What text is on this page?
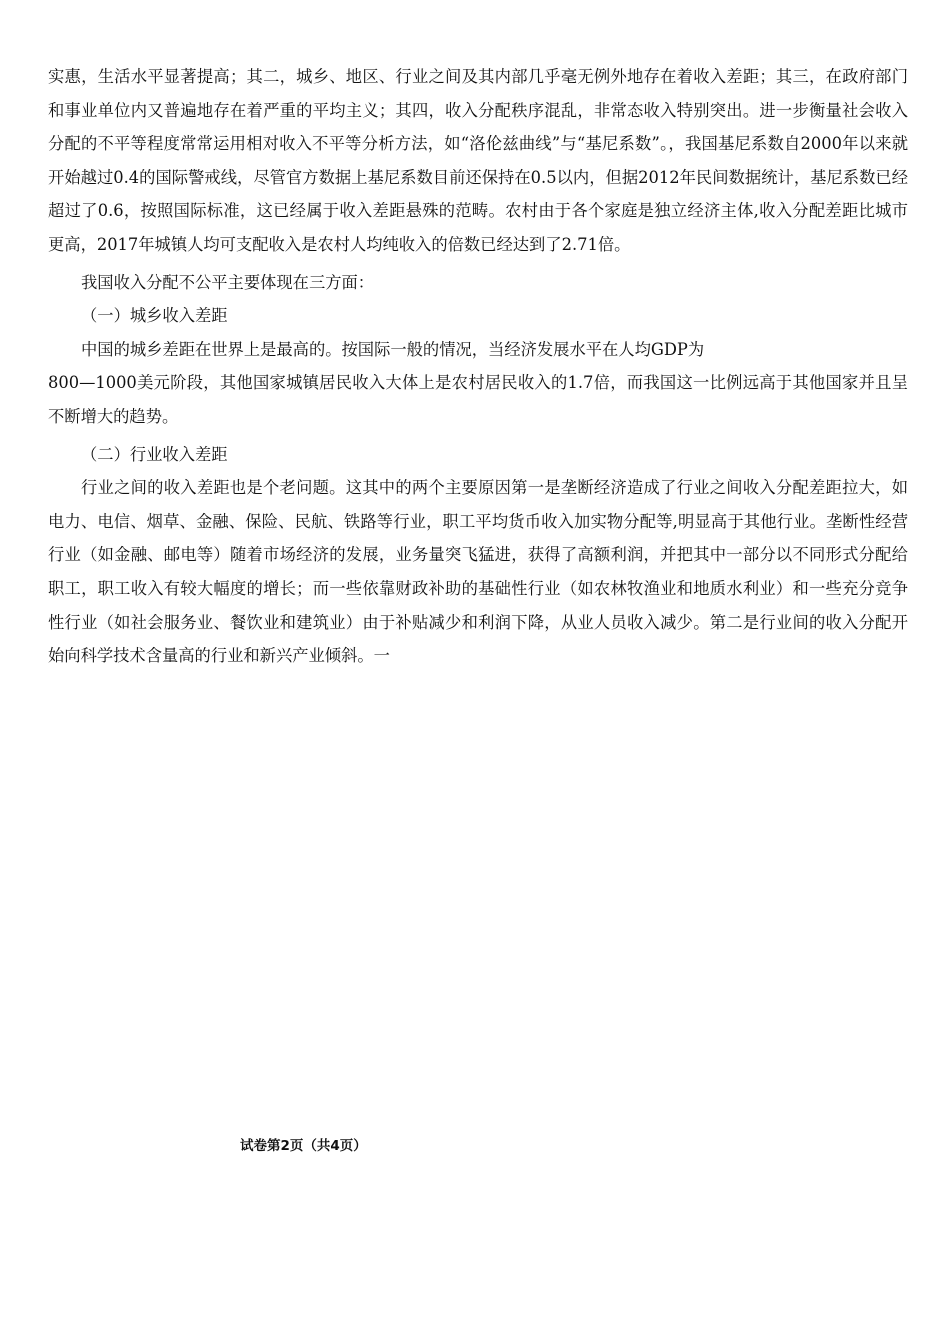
实惠，生活水平显著提高；其二，城乡、地区、行业之间及其内部几乎毫无例外地存在着收入差距；其三，在政府部门和事业单位内又普遍地存在着严重的平均主义；其四，收入分配秩序混乱，非常态收入特别突出。进一步衡量社会收入分配的不平等程度常常运用相对收入不平等分析方法，如“洛伦兹曲线”与“基尼系数”。，我国基尼系数自2000年以来就开始越过0.4的国际警戒线，尽管官方数据上基尼系数目前还保持在0.5以内，但据2012年民间数据统计，基尼系数已经超过了0.6，按照国际标准，这已经属于收入差距悬殊的范畴。农村由于各个家庭是独立经济主体,收入分配差距比城市更高，2017年城镇人均可支配收入是农村人均纯收入的倍数已经达到了2.71倍。

我国收入分配不公平主要体现在三方面：

（一）城乡收入差距

中国的城乡差距在世界上是最高的。按国际一般的情况，当经济发展水平在人均GDP为

800—1000美元阶段，其他国家城镇居民收入大体上是农村居民收入的1.7倍，而我国这一比例远高于其他国家并且呈不断增大的趋势。

（二）行业收入差距

行业之间的收入差距也是个老问题。这其中的两个主要原因第一是垄断经济造成了行业之间收入分配差距拉大，如电力、电信、烟草、金融、保险、民航、铁路等行业，职工平均货币收入加实物分配等,明显高于其他行业。垄断性经营行业（如金融、邮电等）随着市场经济的发展，业务量突飞猛进，获得了高额利润，并把其中一部分以不同形式分配给职工，职工收入有较大幅度的增长；而一些依靠财政补助的基础性行业（如农林牧渔业和地质水利业）和一些充分竞争性行业（如社会服务业、餐饮业和建筑业）由于补贴减少和利润下降，从业人员收入减少。第二是行业间的收入分配开始向科学技术含量高的行业和新兴产业倾斜。一

试卷第2页（共4页）
